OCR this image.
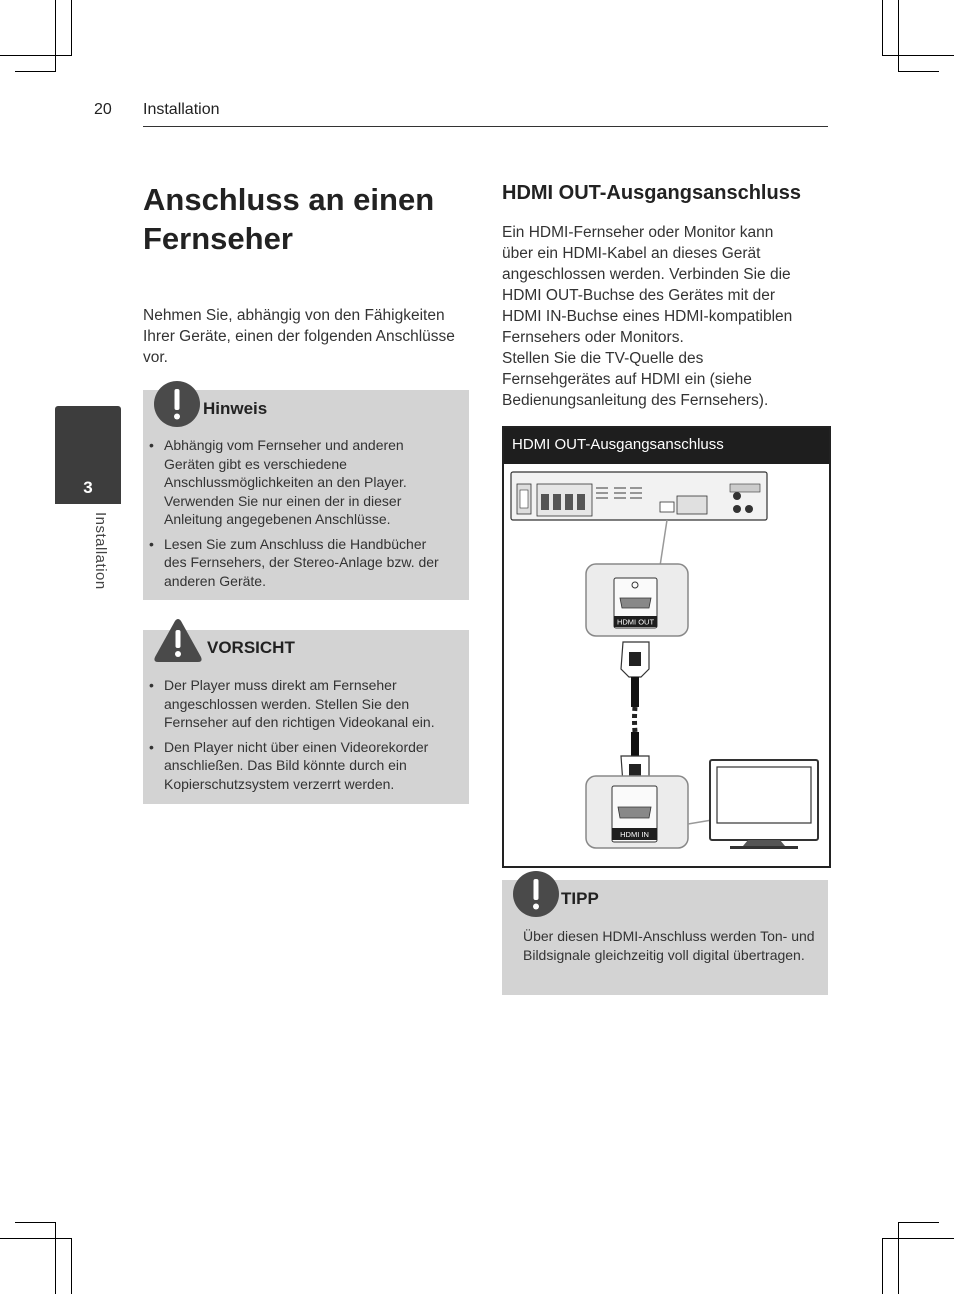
20 Installation
3
Installation
Anschluss an einen Fernseher
Nehmen Sie, abhängig von den Fähigkeiten Ihrer Geräte, einen der folgenden Anschlüsse vor.
Hinweis
• Abhängig vom Fernseher und anderen Geräten gibt es verschiedene Anschlussmöglichkeiten an den Player. Verwenden Sie nur einen der in dieser Anleitung angegebenen Anschlüsse.
• Lesen Sie zum Anschluss die Handbücher des Fernsehers, der Stereo-Anlage bzw. der anderen Geräte.
VORSICHT
• Der Player muss direkt am Fernseher angeschlossen werden. Stellen Sie den Fernseher auf den richtigen Videokanal ein.
• Den Player nicht über einen Videorekorder anschließen. Das Bild könnte durch ein Kopierschutzsystem verzerrt werden.
HDMI OUT-Ausgangsanschluss
Ein HDMI-Fernseher oder Monitor kann
über ein HDMI-Kabel an dieses Gerät
angeschlossen werden. Verbinden Sie die
HDMI OUT-Buchse des Gerätes mit der
HDMI IN-Buchse eines HDMI-kompatiblen
Fernsehers oder Monitors.
Stellen Sie die TV-Quelle des
Fernsehgerätes auf HDMI ein (siehe
Bedienungsanleitung des Fernsehers).
HDMI OUT-Ausgangsanschluss
HDMI OUT
HDMI IN
TIPP
Über diesen HDMI-Anschluss werden Ton- und Bildsignale gleichzeitig voll digital übertragen.
